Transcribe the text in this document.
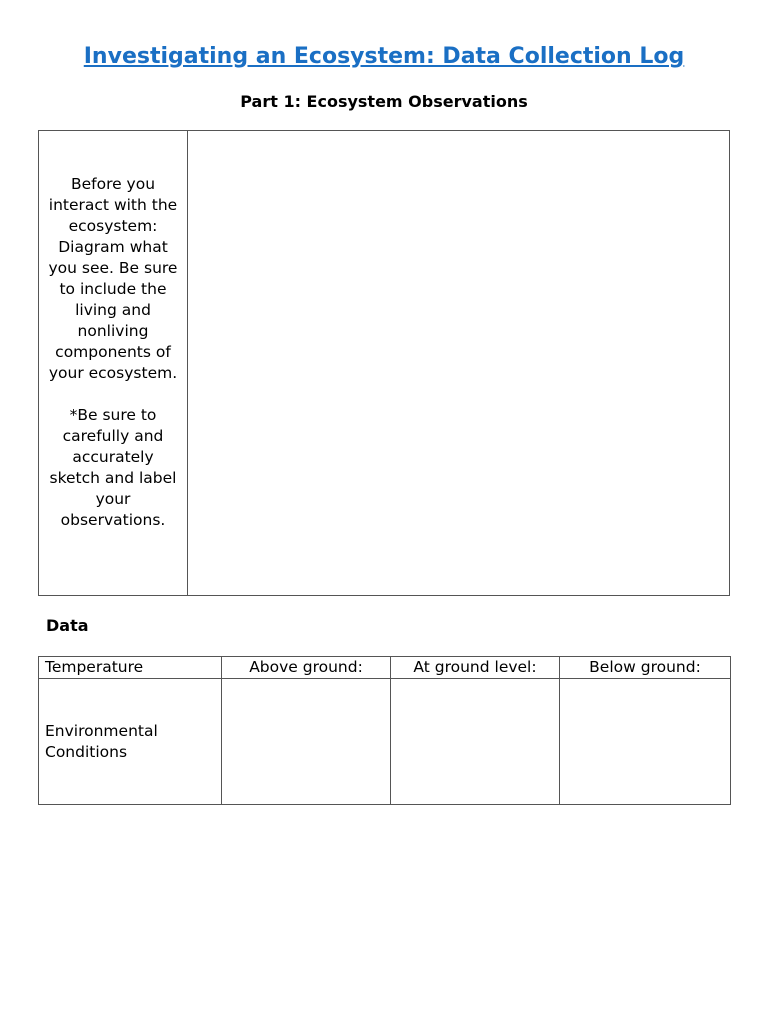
Investigating an Ecosystem: Data Collection Log
Part 1: Ecosystem Observations

Before you interact with the ecosystem: Diagram what you see. Be sure to include the living and nonliving components of your ecosystem.

*Be sure to carefully and accurately sketch and label your observations.

Data
Temperature	Above ground:	At ground level:	Below ground:
Environmental
Conditions			
